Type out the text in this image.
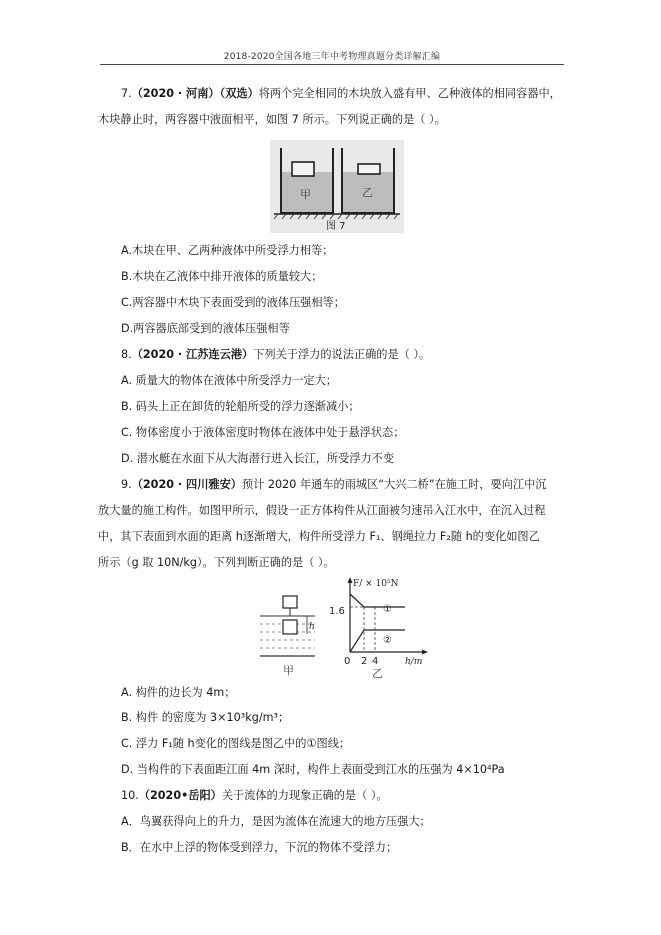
2018-2020全国各地三年中考物理真题分类详解汇编
7.（2020 · 河南）（双选）将两个完全相同的木块放入盛有甲、乙种液体的相同容器中，
木块静止时，两容器中液面相平，如图 7 所示。下列说正确的是（ ）。
甲	乙
图 7
A.木块在甲、乙两种液体中所受浮力相等；
B.木块在乙液体中排开液体的质量较大；
C.两容器中木块下表面受到的液体压强相等；
D.两容器底部受到的液体压强相等
8.（2020 · 江苏连云港）下列关于浮力的说法正确的是（ ）。
A. 质量大的物体在液体中所受浮力一定大；
B. 码头上正在卸货的轮船所受的浮力逐渐减小；
C. 物体密度小于液体密度时物体在液体中处于悬浮状态；
D. 潜水艇在水面下从大海潜行进入长江，所受浮力不变
9.（2020 · 四川雅安）预计 2020 年通车的雨城区“大兴二桥”在施工时，要向江中沉
放大量的施工构件。如图甲所示，假设一正方体构件从江面被匀速吊入江水中，在沉入过程
中，其下表面到水面的距离 h逐渐增大，构件所受浮力 F₁、钢绳拉力 F₂随 h的变化如图乙
所示（g 取 10N/kg）。下列判断正确的是（ ）。
h
甲
F/ × 10⁵N
1.6	①
②
0 2 4	h/m
乙
A. 构件的边长为 4m；
B. 构件 的密度为 3×10³kg/m³；
C. 浮力 F₁随 h变化的图线是图乙中的①图线；
D. 当构件的下表面距江面 4m 深时，构件上表面受到江水的压强为 4×10⁴Pa
10.（2020•岳阳）关于流体的力现象正确的是（ ）。
A．鸟翼获得向上的升力，是因为流体在流速大的地方压强大；
B．在水中上浮的物体受到浮力，下沉的物体不受浮力；
